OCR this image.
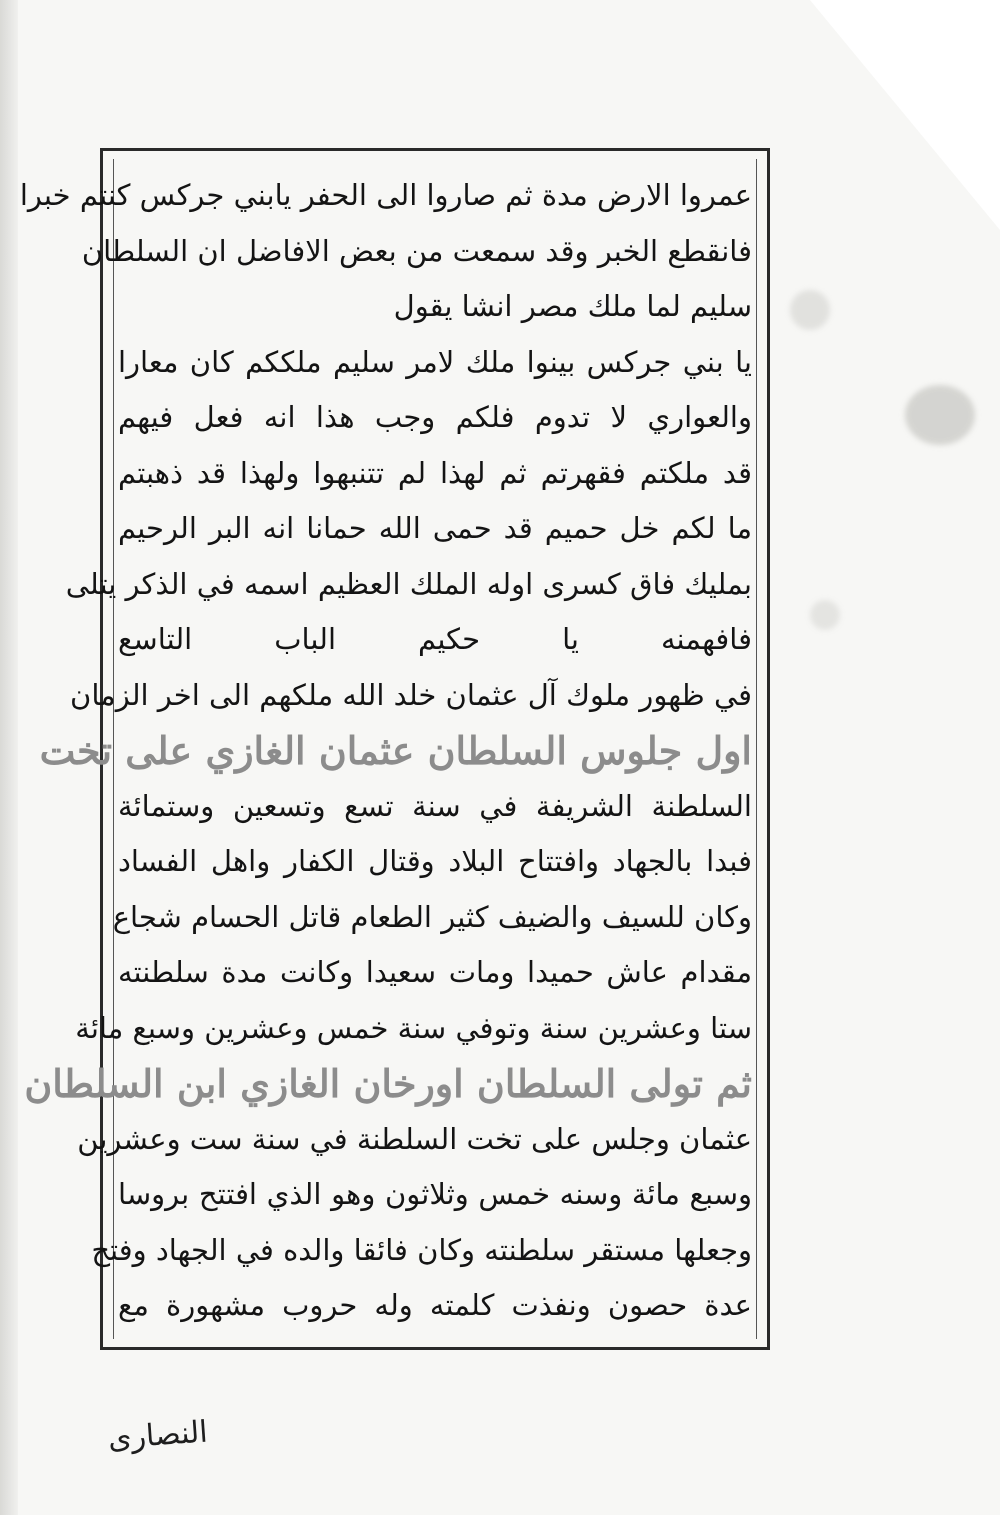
عمروا الارض مدة ثم صاروا الى الحفر يابني جركس كنتم خبرا
فانقطع الخبر وقد سمعت من بعض الافاضل ان السلطان
سليم لما ملك مصر انشا يقول
يا بني جركس بينوا ملك لامر سليم ملككم كان معارا
والعواري لا تدوم فلكم وجب هذا انه فعل فيهم
قد ملكتم فقهرتم ثم لهذا لم تتنبهوا ولهذا قد ذهبتم
ما لكم خل حميم قد حمى الله حمانا انه البر الرحيم
بمليك فاق كسرى اوله الملك العظيم اسمه في الذكر يتلى
فافهمنه يا حكيم الباب التاسع
في ظهور ملوك آل عثمان خلد الله ملكهم الى اخر الزمان
اول جلوس السلطان عثمان الغازي على تخت
السلطنة الشريفة في سنة تسع وتسعين وستمائة
فبدا بالجهاد وافتتاح البلاد وقتال الكفار واهل الفساد
وكان للسيف والضيف كثير الطعام قاتل الحسام شجاع
مقدام عاش حميدا ومات سعيدا وكانت مدة سلطنته
ستا وعشرين سنة وتوفي سنة خمس وعشرين وسبع مائة
ثم تولى السلطان اورخان الغازي ابن السلطان
عثمان وجلس على تخت السلطنة في سنة ست وعشرين
وسبع مائة وسنه خمس وثلاثون وهو الذي افتتح بروسا
وجعلها مستقر سلطنته وكان فائقا والده في الجهاد وفتح
عدة حصون ونفذت كلمته وله حروب مشهورة مع
النصارى
